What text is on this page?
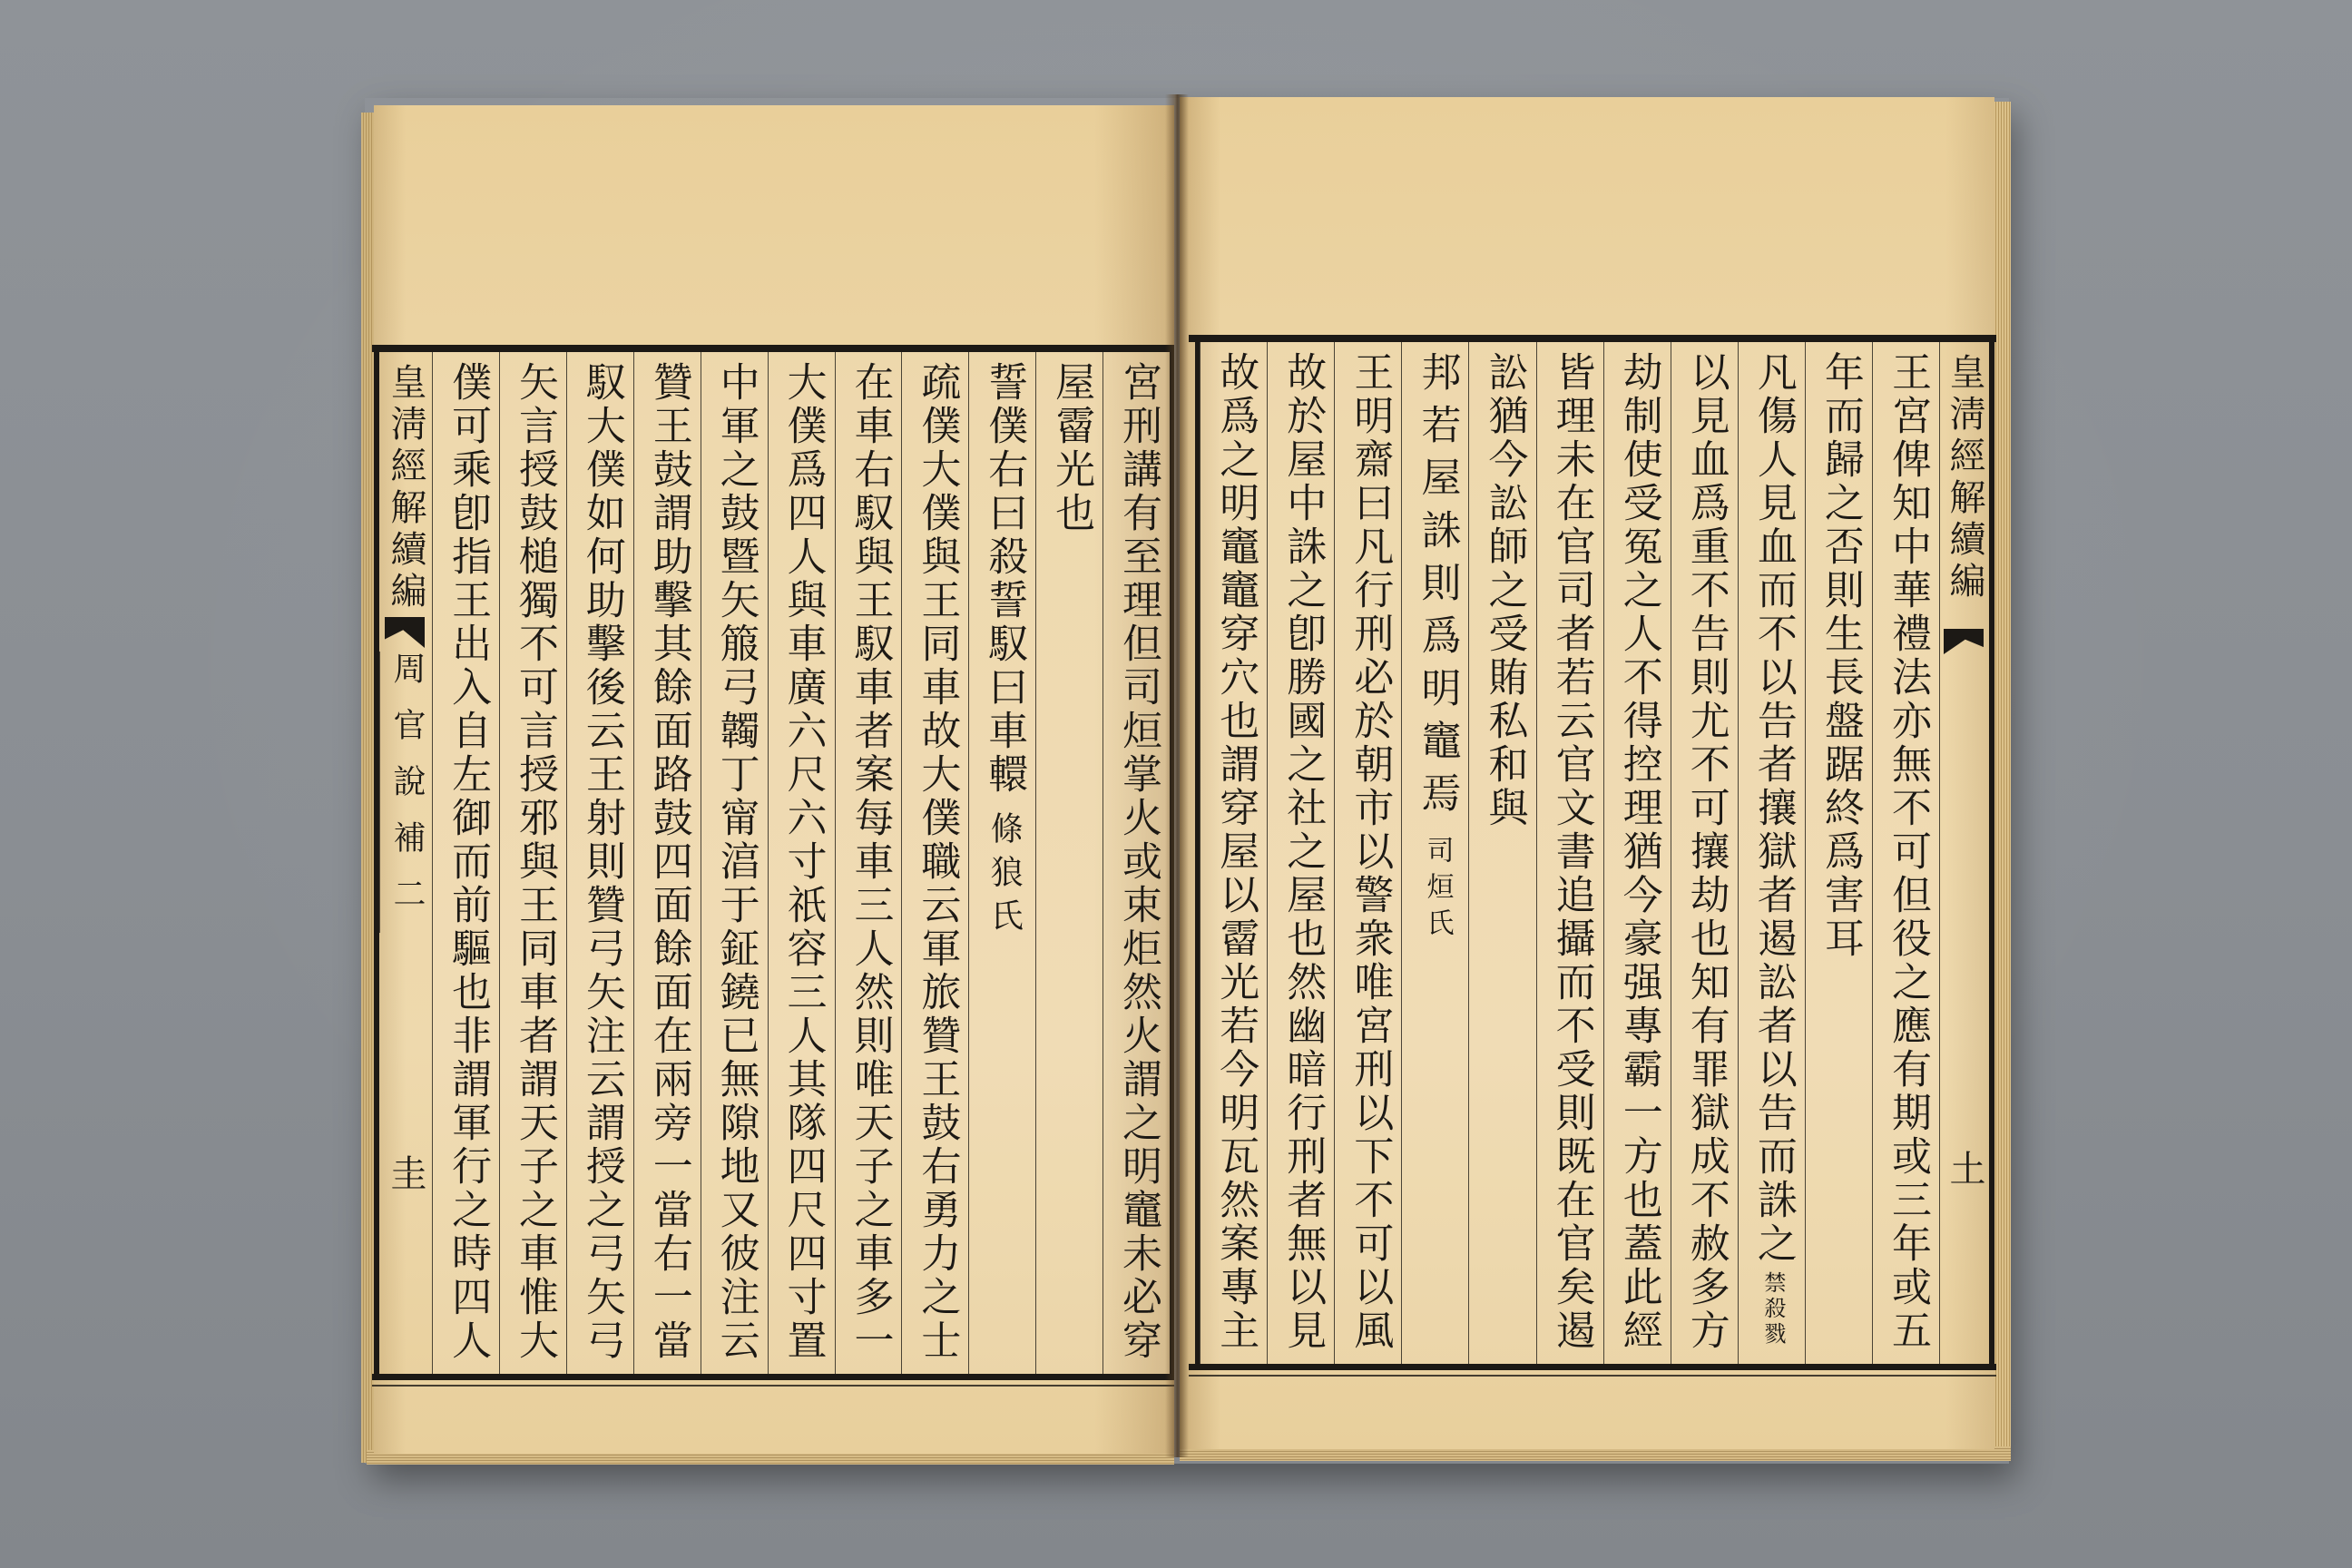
皇淸經解續編
周官說補二
圭	宮刑講有至理但司烜掌火或束炬然火謂之明竈未必穿
屋霤光也
誓僕右曰殺誓馭曰車轘條狼氏
疏僕大僕與王同車故大僕職云軍旅贊王鼓右勇力之士
在車右馭與王馭車者案每車三人然則唯天子之車多一
大僕爲四人與車廣六尺六寸祇容三人其隊四尺四寸置
中軍之鼓暨矢箙弓韣丁甯湻于鉦鐃已無隙地又彼注云
贊王鼓謂助擊其餘面路鼓四面餘面在兩旁一當右一當
馭大僕如何助擊後云王射則贊弓矢注云謂授之弓矢弓
矢言授鼓槌獨不可言授邪與王同車者謂天子之車惟大
僕可乘卽指王出入自左御而前驅也非謂軍行之時四人	王宮俾知中華禮法亦無不可但役之應有期或三年或五
年而歸之否則生長盤踞終爲害耳
凡傷人見血而不以告者攘獄者遏訟者以告而誅之禁殺戮
以見血爲重不告則尤不可攘劫也知有罪獄成不赦多方
劫制使受冤之人不得控理猶今豪强專霸一方也蓋此經
皆理未在官司者若云官文書追攝而不受則既在官矣遏
訟猶今訟師之受賄私和與
邦若屋誅則爲明竈焉司烜氏
王明齋曰凡行刑必於朝市以警衆唯宮刑以下不可以風
故於屋中誅之卽勝國之社之屋也然幽暗行刑者無以見
故爲之明竈竈穿穴也謂穿屋以霤光若今明瓦然案專主	皇淸經解續編
土
